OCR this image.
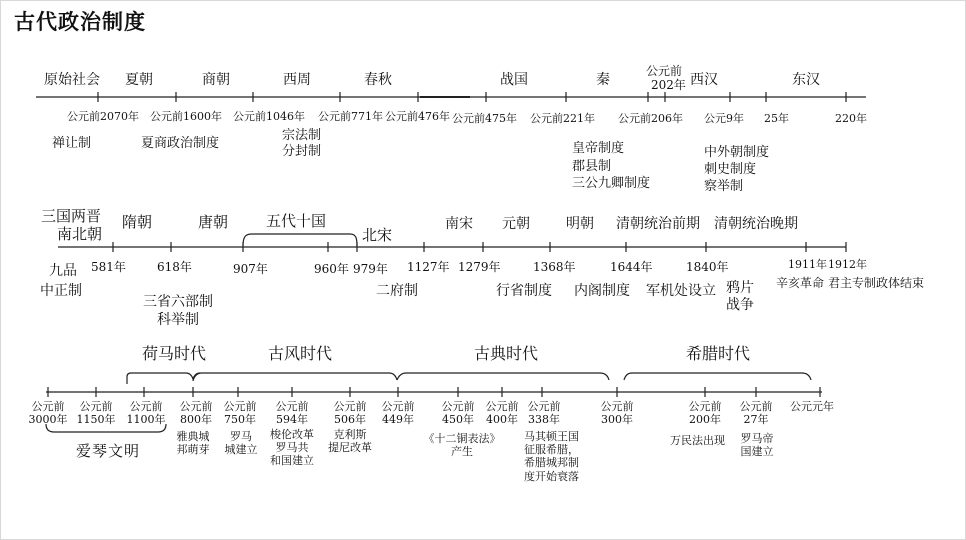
古代政治制度
原始社会 夏朝	商朝	西周	春秋	战国	秦
公元前
202年 西汉	东汉
公元前2070年 公元前1600年 公元前1046年 公元前771年 公元前476年 公元前475年 公元前221年 公元前206年 公元9年 25年	220年
禅让制	夏商政治制度
宗法制
分封制	皇帝制度
郡县制
三公九卿制度
中外朝制度
刺史制度
察举制
三国两晋
南北朝
隋朝	唐朝	五代十国
北宋
南宋 元朝	明朝 清朝统治前期 清朝统治晚期
581年	618年	907年	960年 979年 1127年 1279年	1368年	1644年	1840年	1911年 1912年
九品
中正制
三省六部制
科举制
二府制	行省制度 内阁制度 军机处设立 鸦片
战争
辛亥革命 君主专制政体结束
荷马时代	古风时代	古典时代	希腊时代
公元前
3000年
公元前
1150年
公元前
1100年
公元前
800年
公元前
750年
公元前
594年
公元前
506年
公元前
449年
公元前
450年
公元前
400年
公元前
338年
公元前
300年
公元前
200年
公元前
27年
公元元年
爱琴文明
雅典城
邦萌芽
罗马
城建立
梭伦改革
罗马共
和国建立
克利斯
提尼改革
《十二铜表法》
产生
马其顿王国
征服希腊，
希腊城邦制
度开始衰落
万民法出现	罗马帝
国建立
